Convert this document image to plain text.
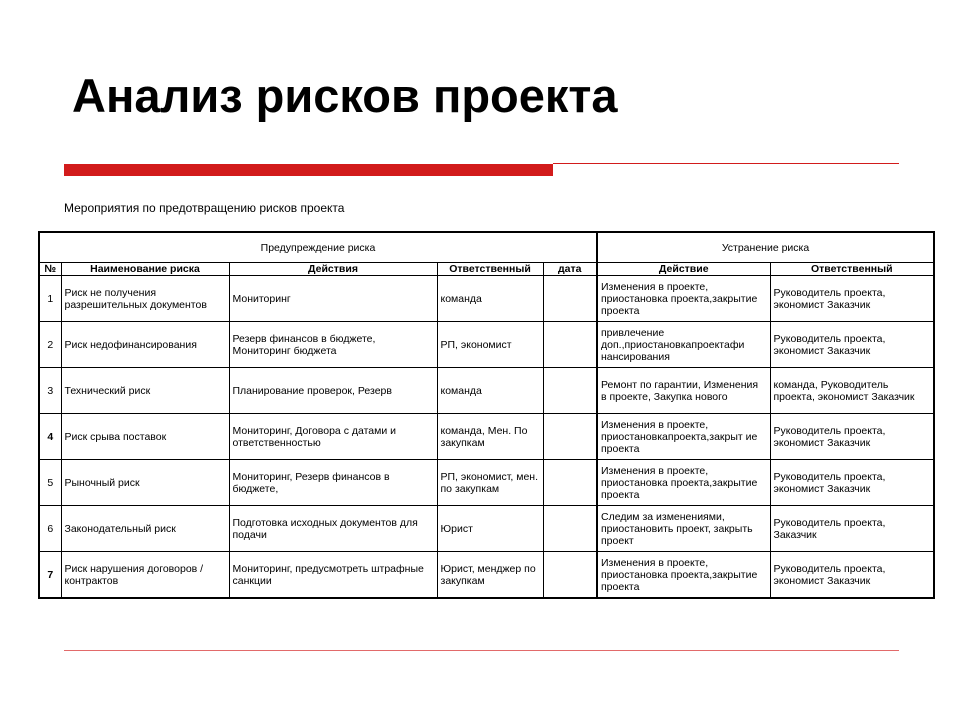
Анализ рисков проекта

Мероприятия по предотвращению рисков проекта

Предупреждение риска					Устранение риска	
№	Наименование риска	Действия	Ответственный	дата	Действие	Ответственный
1	Риск не получения разрешительных документов	Мониторинг	команда		Изменения в проекте, приостановка проекта,закрытие проекта	Руководитель проекта, экономист Заказчик
2	Риск недофинансирования	Резерв финансов в бюджете, Мониторинг бюджета	РП, экономист		привлечение доп.,приостановкапроектафи нансирования	Руководитель проекта, экономист Заказчик
3	Технический риск	Планирование проверок, Резерв	команда		Ремонт по гарантии, Изменения в проекте, Закупка нового	команда, Руководитель проекта, экономист Заказчик
4	Риск срыва поставок	Мониторинг, Договора с датами и ответственностью	команда, Мен. По закупкам		Изменения в проекте, приостановкапроекта,закрыт ие проекта	Руководитель проекта, экономист Заказчик
5	Рыночный риск	Мониторинг, Резерв финансов в бюджете,	РП, экономист, мен. по закупкам		Изменения в проекте, приостановка проекта,закрытие проекта	Руководитель проекта, экономист Заказчик
6	Законодательный риск	Подготовка исходных документов для подачи	Юрист		Следим за изменениями, приостановить проект, закрыть проект	Руководитель проекта, Заказчик
7	Риск нарушения договоров / контрактов	Мониторинг, предусмотреть штрафные санкции	Юрист, менджер по закупкам		Изменения в проекте, приостановка проекта,закрытие проекта	Руководитель проекта, экономист Заказчик
